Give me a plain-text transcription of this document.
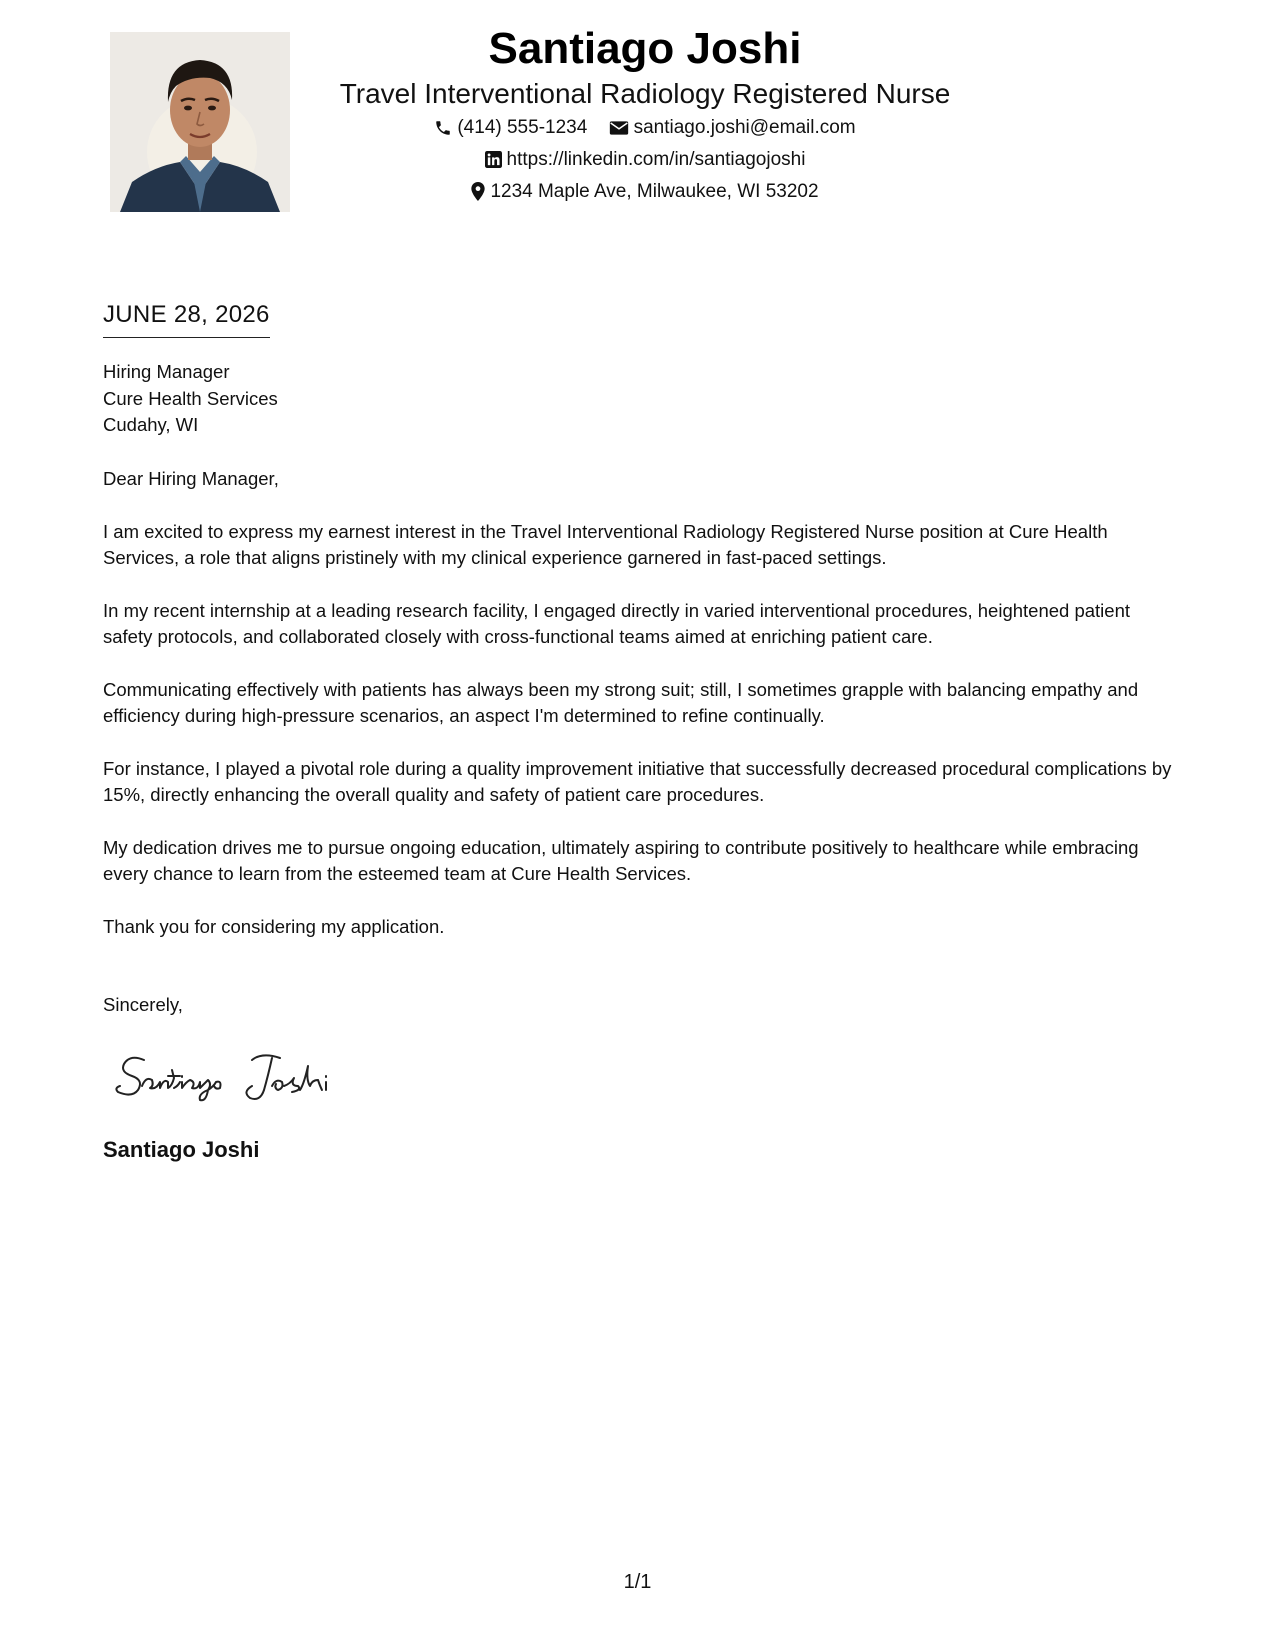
Santiago Joshi
Travel Interventional Radiology Registered Nurse
(414) 555-1234
santiago.joshi@email.com
https://linkedin.com/in/santiagojoshi
1234 Maple Ave, Milwaukee, WI 53202
JUNE 28, 2026
Hiring Manager
Cure Health Services
Cudahy, WI

Dear Hiring Manager,

I am excited to express my earnest interest in the Travel Interventional Radiology Registered Nurse position at Cure Health Services, a role that aligns pristinely with my clinical experience garnered in fast-paced settings.

In my recent internship at a leading research facility, I engaged directly in varied interventional procedures, heightened patient safety protocols, and collaborated closely with cross-functional teams aimed at enriching patient care.

Communicating effectively with patients has always been my strong suit; still, I sometimes grapple with balancing empathy and efficiency during high-pressure scenarios, an aspect I'm determined to refine continually.

For instance, I played a pivotal role during a quality improvement initiative that successfully decreased procedural complications by 15%, directly enhancing the overall quality and safety of patient care procedures.

My dedication drives me to pursue ongoing education, ultimately aspiring to contribute positively to healthcare while embracing every chance to learn from the esteemed team at Cure Health Services.

Thank you for considering my application.

Sincerely,
Santiago Joshi
1/1
